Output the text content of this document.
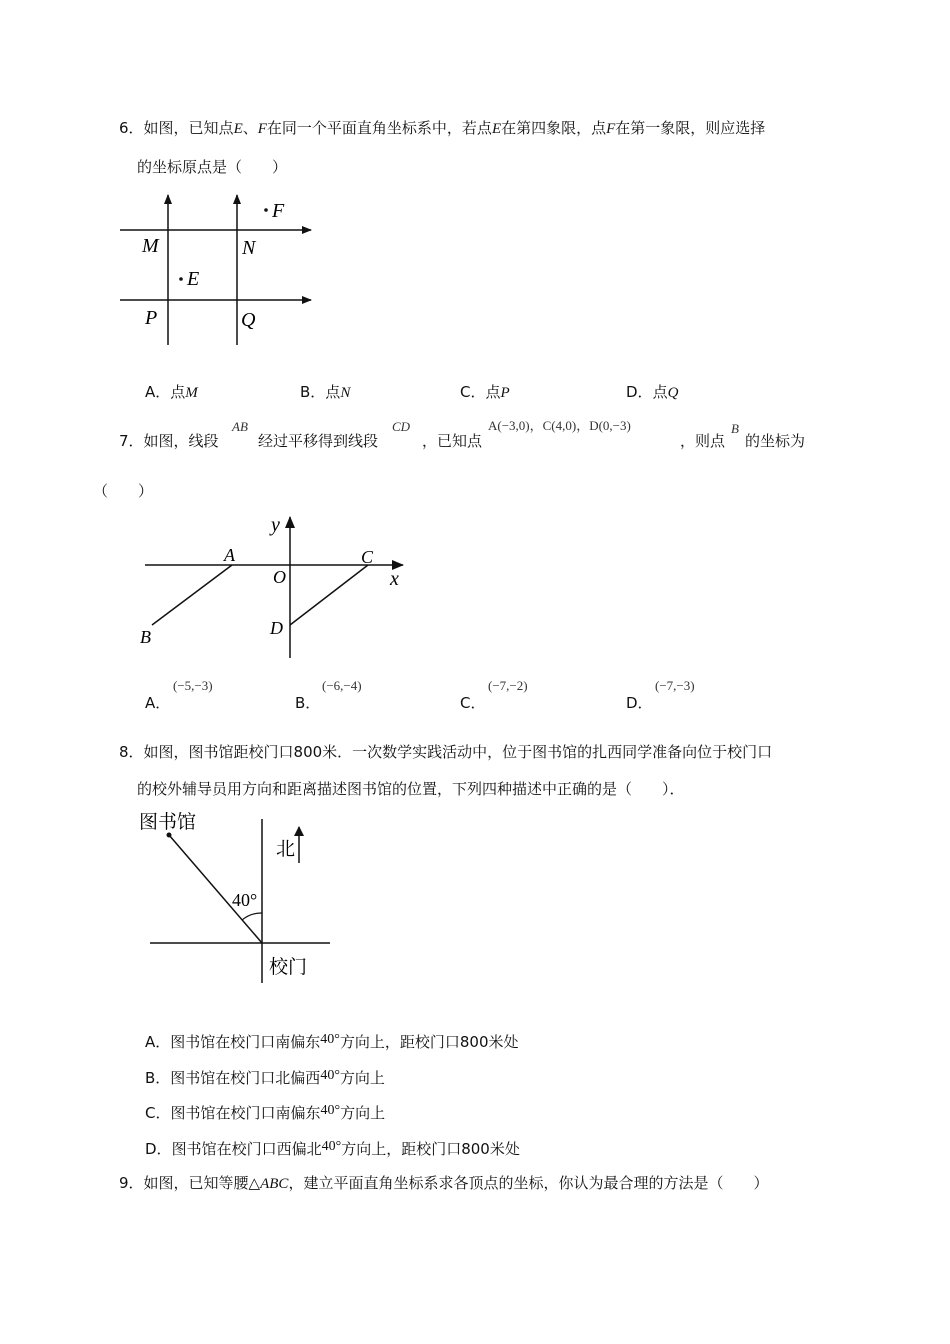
6．如图，已知点E、F在同一个平面直角坐标系中，若点E在第四象限，点F在第一象限，则应选择
的坐标原点是（　　）
F
M	N
E
P	Q
A．点M	B．点N	C．点P	D．点Q
7．如图，线段
AB
经过平移得到线段
CD
，已知点
A(−3,0)，C(4,0)，D(0,−3)
，则点
B
的坐标为
（　　）
y
A	C
O	x
D
B
(−5,−3)
A．
(−6,−4)
B．
(−7,−2)
C．
(−7,−3)
D．
8．如图，图书馆距校门口800米．一次数学实践活动中，位于图书馆的扎西同学准备向位于校门口
的校外辅导员用方向和距离描述图书馆的位置，下列四种描述中正确的是（　　）．
图书馆
北
40°
校门
A．图书馆在校门口南偏东40°方向上，距校门口800米处
B．图书馆在校门口北偏西40°方向上
C．图书馆在校门口南偏东40°方向上
D．图书馆在校门口西偏北40°方向上，距校门口800米处
9．如图，已知等腰△ABC，建立平面直角坐标系求各顶点的坐标，你认为最合理的方法是（　　）
